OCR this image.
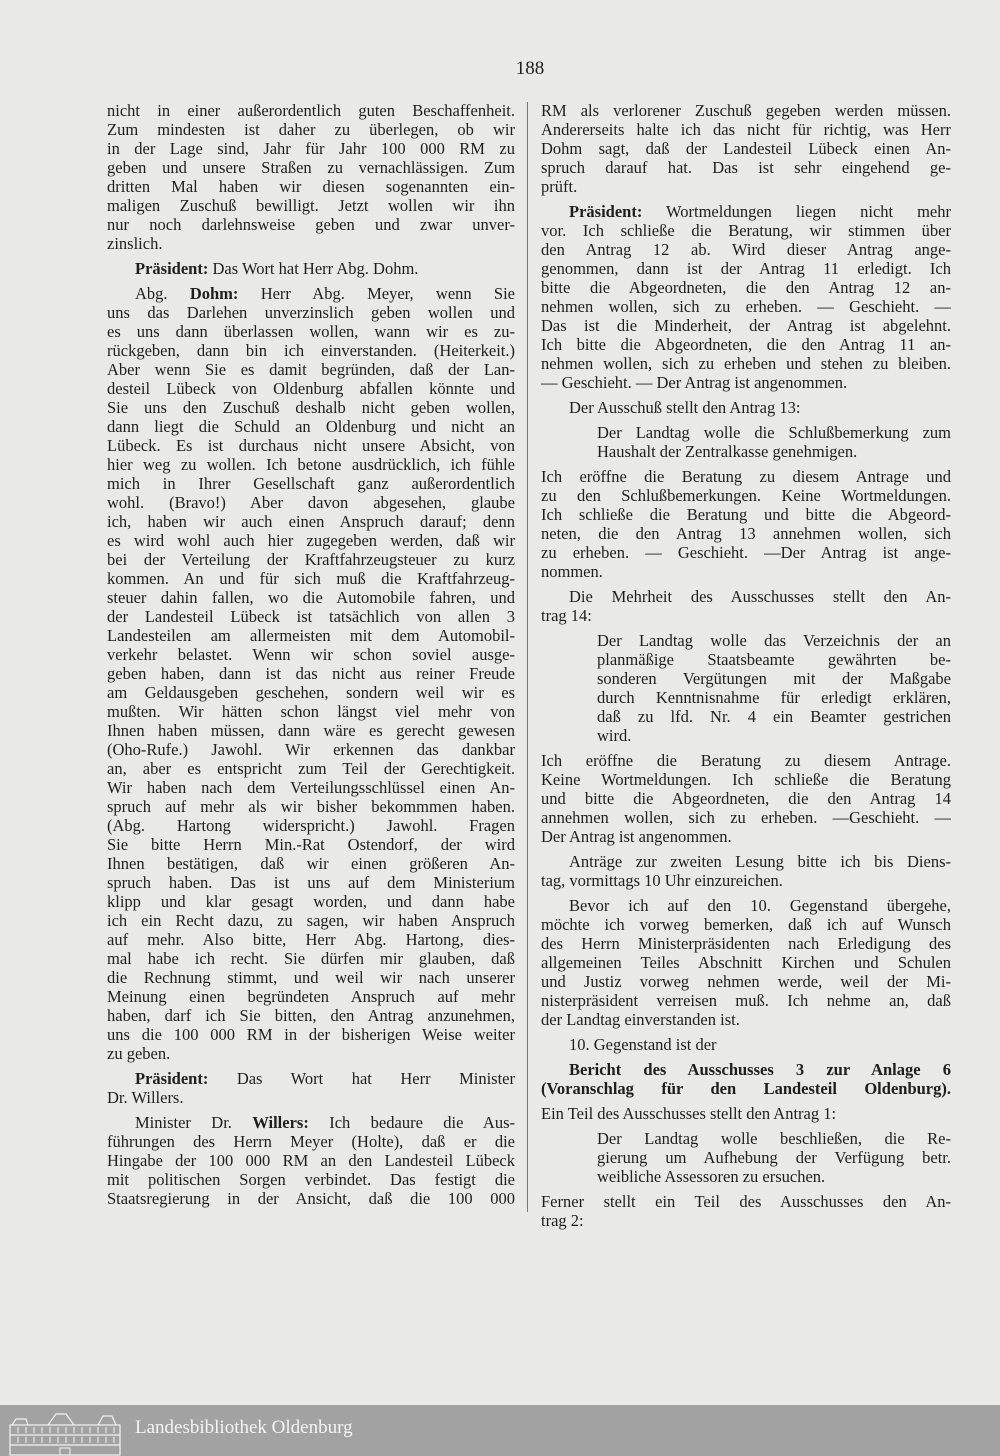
188
nicht in einer außerordentlich guten Beschaffenheit.
Zum mindesten ist daher zu überlegen, ob wir
in der Lage sind, Jahr für Jahr 100 000 RM zu
geben und unsere Straßen zu vernachlässigen. Zum
dritten Mal haben wir diesen sogenannten ein-
maligen Zuschuß bewilligt. Jetzt wollen wir ihn
nur noch darlehnsweise geben und zwar unver-
zinslich.
Präsident: Das Wort hat Herr Abg. Dohm.
Abg. Dohm: Herr Abg. Meyer, wenn Sie
uns das Darlehen unverzinslich geben wollen und
es uns dann überlassen wollen, wann wir es zu-
rückgeben, dann bin ich einverstanden. (Heiterkeit.)
Aber wenn Sie es damit begründen, daß der Lan-
desteil Lübeck von Oldenburg abfallen könnte und
Sie uns den Zuschuß deshalb nicht geben wollen,
dann liegt die Schuld an Oldenburg und nicht an
Lübeck. Es ist durchaus nicht unsere Absicht, von
hier weg zu wollen. Ich betone ausdrücklich, ich fühle
mich in Ihrer Gesellschaft ganz außerordentlich
wohl. (Bravo!) Aber davon abgesehen, glaube
ich, haben wir auch einen Anspruch darauf; denn
es wird wohl auch hier zugegeben werden, daß wir
bei der Verteilung der Kraftfahrzeugsteuer zu kurz
kommen. An und für sich muß die Kraftfahrzeug-
steuer dahin fallen, wo die Automobile fahren, und
der Landesteil Lübeck ist tatsächlich von allen 3
Landesteilen am allermeisten mit dem Automobil-
verkehr belastet. Wenn wir schon soviel ausge-
geben haben, dann ist das nicht aus reiner Freude
am Geldausgeben geschehen, sondern weil wir es
mußten. Wir hätten schon längst viel mehr von
Ihnen haben müssen, dann wäre es gerecht gewesen
(Oho-Rufe.) Jawohl. Wir erkennen das dankbar
an, aber es entspricht zum Teil der Gerechtigkeit.
Wir haben nach dem Verteilungsschlüssel einen An-
spruch auf mehr als wir bisher bekommmen haben.
(Abg. Hartong widerspricht.) Jawohl. Fragen
Sie bitte Herrn Min.-Rat Ostendorf, der wird
Ihnen bestätigen, daß wir einen größeren An-
spruch haben. Das ist uns auf dem Ministerium
klipp und klar gesagt worden, und dann habe
ich ein Recht dazu, zu sagen, wir haben Anspruch
auf mehr. Also bitte, Herr Abg. Hartong, dies-
mal habe ich recht. Sie dürfen mir glauben, daß
die Rechnung stimmt, und weil wir nach unserer
Meinung einen begründeten Anspruch auf mehr
haben, darf ich Sie bitten, den Antrag anzunehmen,
uns die 100 000 RM in der bisherigen Weise weiter
zu geben.
Präsident: Das Wort hat Herr Minister
Dr. Willers.
Minister Dr. Willers: Ich bedaure die Aus-
führungen des Herrn Meyer (Holte), daß er die
Hingabe der 100 000 RM an den Landesteil Lübeck
mit politischen Sorgen verbindet. Das festigt die
Staatsregierung in der Ansicht, daß die 100 000
RM als verlorener Zuschuß gegeben werden müssen.
Andererseits halte ich das nicht für richtig, was Herr
Dohm sagt, daß der Landesteil Lübeck einen An-
spruch darauf hat. Das ist sehr eingehend ge-
prüft.
Präsident: Wortmeldungen liegen nicht mehr
vor. Ich schließe die Beratung, wir stimmen über
den Antrag 12 ab. Wird dieser Antrag ange-
genommen, dann ist der Antrag 11 erledigt. Ich
bitte die Abgeordneten, die den Antrag 12 an-
nehmen wollen, sich zu erheben. — Geschieht. —
Das ist die Minderheit, der Antrag ist abgelehnt.
Ich bitte die Abgeordneten, die den Antrag 11 an-
nehmen wollen, sich zu erheben und stehen zu bleiben.
— Geschieht. — Der Antrag ist angenommen.
Der Ausschuß stellt den Antrag 13:
Der Landtag wolle die Schlußbemerkung zum
Haushalt der Zentralkasse genehmigen.
Ich eröffne die Beratung zu diesem Antrage und
zu den Schlußbemerkungen. Keine Wortmeldungen.
Ich schließe die Beratung und bitte die Abgeord-
neten, die den Antrag 13 annehmen wollen, sich
zu erheben. — Geschieht. —Der Antrag ist ange-
nommen.
Die Mehrheit des Ausschusses stellt den An-
trag 14:
Der Landtag wolle das Verzeichnis der an
planmäßige Staatsbeamte gewährten be-
sonderen Vergütungen mit der Maßgabe
durch Kenntnisnahme für erledigt erklären,
daß zu lfd. Nr. 4 ein Beamter gestrichen
wird.
Ich eröffne die Beratung zu diesem Antrage.
Keine Wortmeldungen. Ich schließe die Beratung
und bitte die Abgeordneten, die den Antrag 14
annehmen wollen, sich zu erheben. —Geschieht. —
Der Antrag ist angenommen.
Anträge zur zweiten Lesung bitte ich bis Diens-
tag, vormittags 10 Uhr einzureichen.
Bevor ich auf den 10. Gegenstand übergehe,
möchte ich vorweg bemerken, daß ich auf Wunsch
des Herrn Ministerpräsidenten nach Erledigung des
allgemeinen Teiles Abschnitt Kirchen und Schulen
und Justiz vorweg nehmen werde, weil der Mi-
nisterpräsident verreisen muß. Ich nehme an, daß
der Landtag einverstanden ist.
10. Gegenstand ist der
Bericht des Ausschusses 3 zur Anlage 6
(Voranschlag für den Landesteil Oldenburg).
Ein Teil des Ausschusses stellt den Antrag 1:
Der Landtag wolle beschließen, die Re-
gierung um Aufhebung der Verfügung betr.
weibliche Assessoren zu ersuchen.
Ferner stellt ein Teil des Ausschusses den An-
trag 2:
Landesbibliothek Oldenburg
